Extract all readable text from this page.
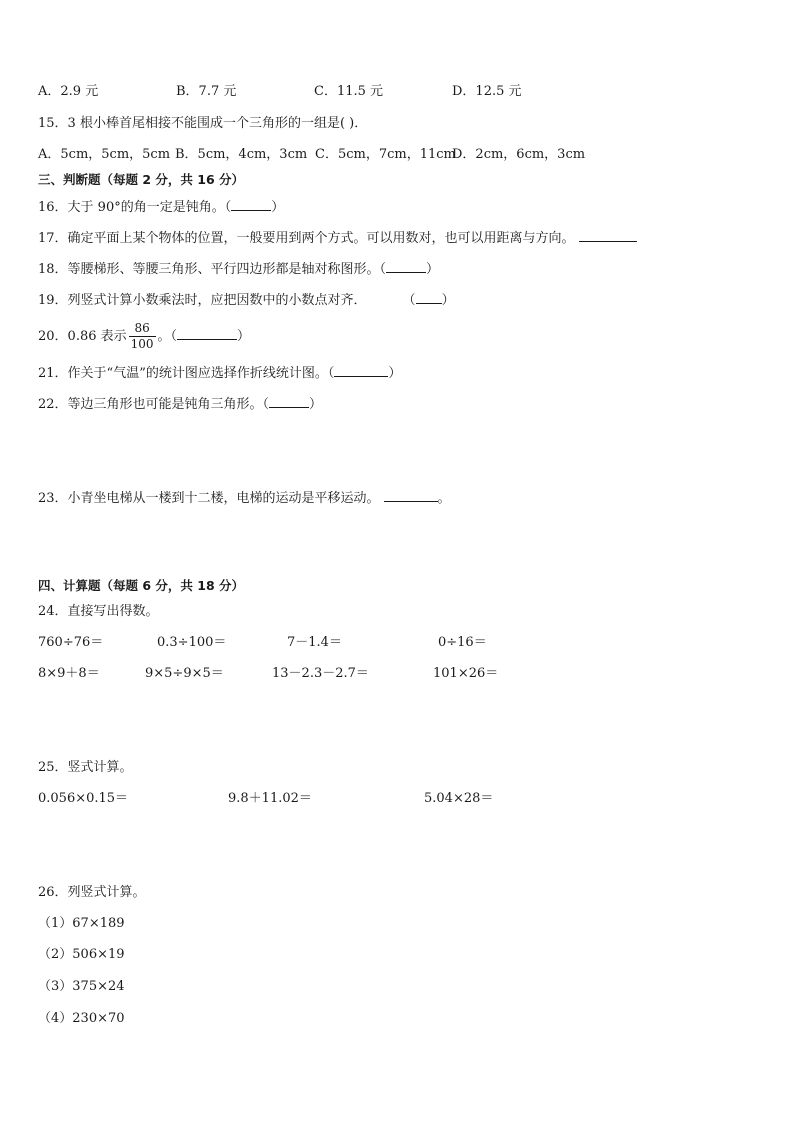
A．2.9 元	B．7.7 元	C．11.5 元	D．12.5 元
15．3 根小棒首尾相接不能围成一个三角形的一组是( )．
A．5cm，5cm，5cm B．5cm，4cm，3cm C．5cm，7cm，11cm
D．2cm，6cm，3cm
三、判断题（每题 2 分，共 16 分）
16．大于 90°的角一定是钝角。（	）
17．确定平面上某个物体的位置，一般要用到两个方式。可以用数对，也可以用距离与方向。
18．等腰梯形、等腰三角形、平行四边形都是轴对称图形。（	）
19．列竖式计算小数乘法时，应把因数中的小数点对齐．	（ ）
20．0.86 表示 $\frac{86}{100}$ 。（	）
21．作关于“气温”的统计图应选择作折线统计图。（	）
22．等边三角形也可能是钝角三角形。（	）
23．小青坐电梯从一楼到十二楼，电梯的运动是平移运动。	。
四、计算题（每题 6 分，共 18 分）
24．直接写出得数。
760÷76＝	0.3÷100＝	7－1.4＝	0÷16＝
8×9＋8＝	9×5÷9×5＝	13－2.3－2.7＝	101×26＝
25．竖式计算。
0.056×0.15＝	9.8＋11.02＝	5.04×28＝
26．列竖式计算。
（1）67×189
（2）506×19
（3）375×24
（4）230×70
